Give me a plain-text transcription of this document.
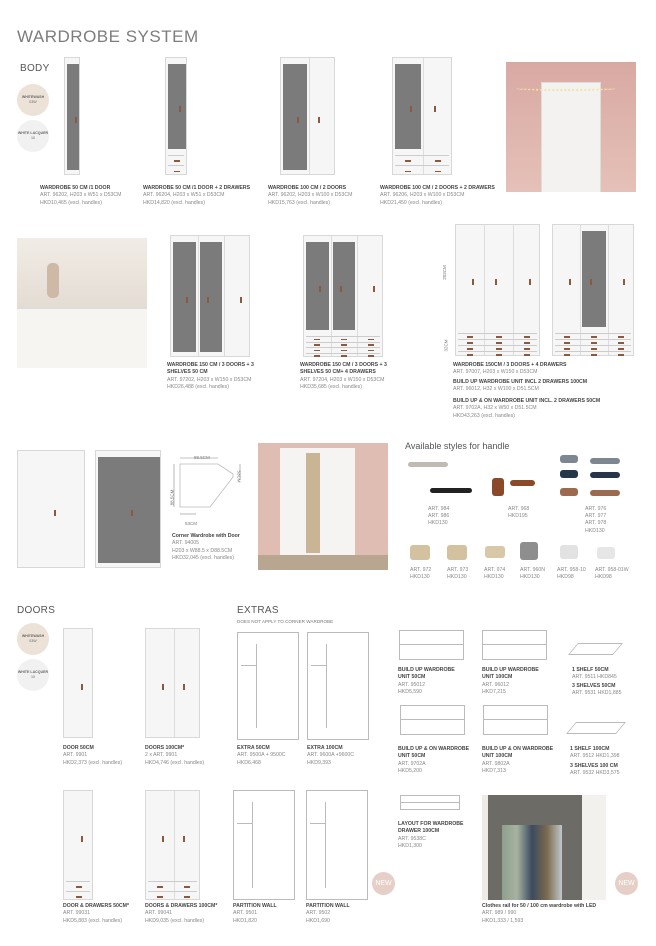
WARDROBE SYSTEM
BODY
DOORS	EXTRAS
DOES NOT APPLY TO CORNER WARDROBE
Available styles for handle
WHITEWASH
03W
WHITE LACQUER
10
WHITEWASH
03W
WHITE LACQUER
10
WARDROBE 50 CM /1 DOOR
ART. 96202, H203 x W51 x D53CM
HKD10,465 (excl. handles)
WARDROBE 50 CM /1 DOOR + 2 DRAWERS
ART. 96204, H203 x W51 x D53CM
HKD14,820 (excl. handles)
WARDROBE 100 CM / 2 DOORS
ART. 96202, H203 x W100 x D53CM
HKD15,763 (excl. handles)
WARDROBE 100 CM / 2 DOORS + 2 DRAWERS
ART. 96206, H203 x W100 x D53CM
HKD21,450 (excl. handles)
WARDROBE 150 CM / 3 DOORS + 3 SHELVES 50 CM
ART. 97202, H203 x W150 x D53CM
HKD26,488 (excl. handles)
WARDROBE 150 CM / 3 DOORS + 3 SHELVES 50 CM+ 4 DRAWERS
ART. 97204, H203 x W150 x D53CM
HKD35,685 (excl. handles)
WARDROBE 150CM / 3 DOORS + 4 DRAWERS
ART. 97007, H203 x W150 x D53CM
BUILD UP WARDROBE UNIT INCL 2 DRAWERS 100CM
ART. 96012, H32 x W100 x D51.5CM
BUILD UP & ON WARDROBE UNIT INCL. 2 DRAWERS 50CM
ART. 9702A, H32 x W50 x D51.5CM
HKD43,263 (excl. handles)
Corner Wardrobe with Door
ART. 94005
H203 x W88.5 x D88.5CM
HKD32,045 (excl. handles)
DOOR 50CM
ART. 9901
HKD2,373 (excl. handles)
DOORS 100CM*
2 x ART. 9901
HKD4,746 (excl. handles)
DOOR & DRAWERS 50CM*
ART. 99031
HKD5,883 (excl. handles)
DOORS & DRAWERS 100CM*
ART. 99041
HKD9,035 (excl. handles)
EXTRA 50CM
ART. 9500A + 9500C
HKD6,468
EXTRA 100CM
ART. 9600A +9600C
HKD9,393
BUILD UP WARDROBE UNIT 50CM
ART. 95012
HKD5,590
BUILD UP WARDROBE UNIT 100CM
ART. 96012
HKD7,215
1 SHELF 50CM
ART. 9511 HKD845
3 SHELVES 50CM
ART. 9531 HKD1,885
BUILD UP & ON WARDROBE UNIT 50CM
ART. 9702A
HKD5,200
BUILD UP & ON WARDROBE UNIT 100CM
ART. 9802A
HKD7,313
1 SHELF 100CM
ART. 9512 HKD1,398
3 SHELVES 100 CM
ART. 9532 HKD3,575
LAYOUT FOR WARDROBE DRAWER 100CM
ART. 9538C
HKD1,300
PARTITION WALL
ART. 9501
HKD1,820
PARTITION WALL
ART. 9502
HKD1,690
Clothes rail for 50 / 100 cm wardrobe with LED
ART. 989 / 990
HKD1,333 / 1,593
ART. 984
ART. 986
HKD130
ART. 968
HKD195
ART. 976
ART. 977
ART. 978
HKD130
ART. 972
HKD130
ART. 973
HKD130
ART. 974
HKD130
ART. 960N
HKD130
ART. 958-10
HKD98
ART. 958-01W
HKD98
NEW	NEW
203CM
32CM
88.5CM
88.5CM
53CM
53CM
